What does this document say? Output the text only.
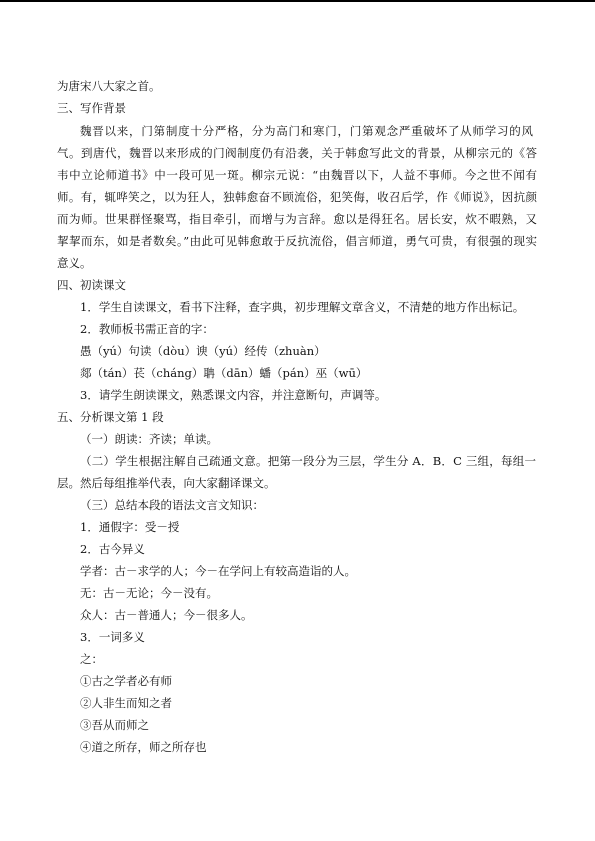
为唐宋八大家之首。
三、写作背景
魏晋以来，门第制度十分严格，分为高门和寒门，门第观念严重破坏了从师学习的风
气。到唐代，魏晋以来形成的门阀制度仍有沿袭，关于韩愈写此文的背景，从柳宗元的《答
韦中立论师道书》中一段可见一斑。柳宗元说：“由魏晋以下，人益不事师。今之世不闻有
师。有，辄哗笑之，以为狂人，独韩愈奋不顾流俗，犯笑侮，收召后学，作《师说》，因抗颜
而为师。世果群怪聚骂，指目牵引，而增与为言辞。愈以是得狂名。居长安，炊不暇熟，又
挈挈而东，如是者数矣。”由此可见韩愈敢于反抗流俗，倡言师道，勇气可贵，有很强的现实
意义。
四、初读课文
1．学生自读课文，看书下注释，查字典，初步理解文章含义，不清楚的地方作出标记。
2．教师板书需正音的字：
愚（yú）句读（dòu）谀（yú）经传（zhuàn）
郯（tán）苌（cháng）聃（dān）蟠（pán）巫（wū）
3．请学生朗读课文，熟悉课文内容，并注意断句，声调等。
五、分析课文第 1 段
（一）朗读：齐读；单读。
（二）学生根据注解自己疏通文意。把第一段分为三层，学生分 A．B．C 三组，每组一
层。然后每组推举代表，向大家翻译课文。
（三）总结本段的语法文言文知识：
1．通假字：受－授
2．古今异义
学者：古－求学的人；今－在学问上有较高造诣的人。
无：古－无论；今－没有。
众人：古－普通人；今－很多人。
3．一词多义
之：
①古之学者必有师
②人非生而知之者
③吾从而师之
④道之所存，师之所存也
